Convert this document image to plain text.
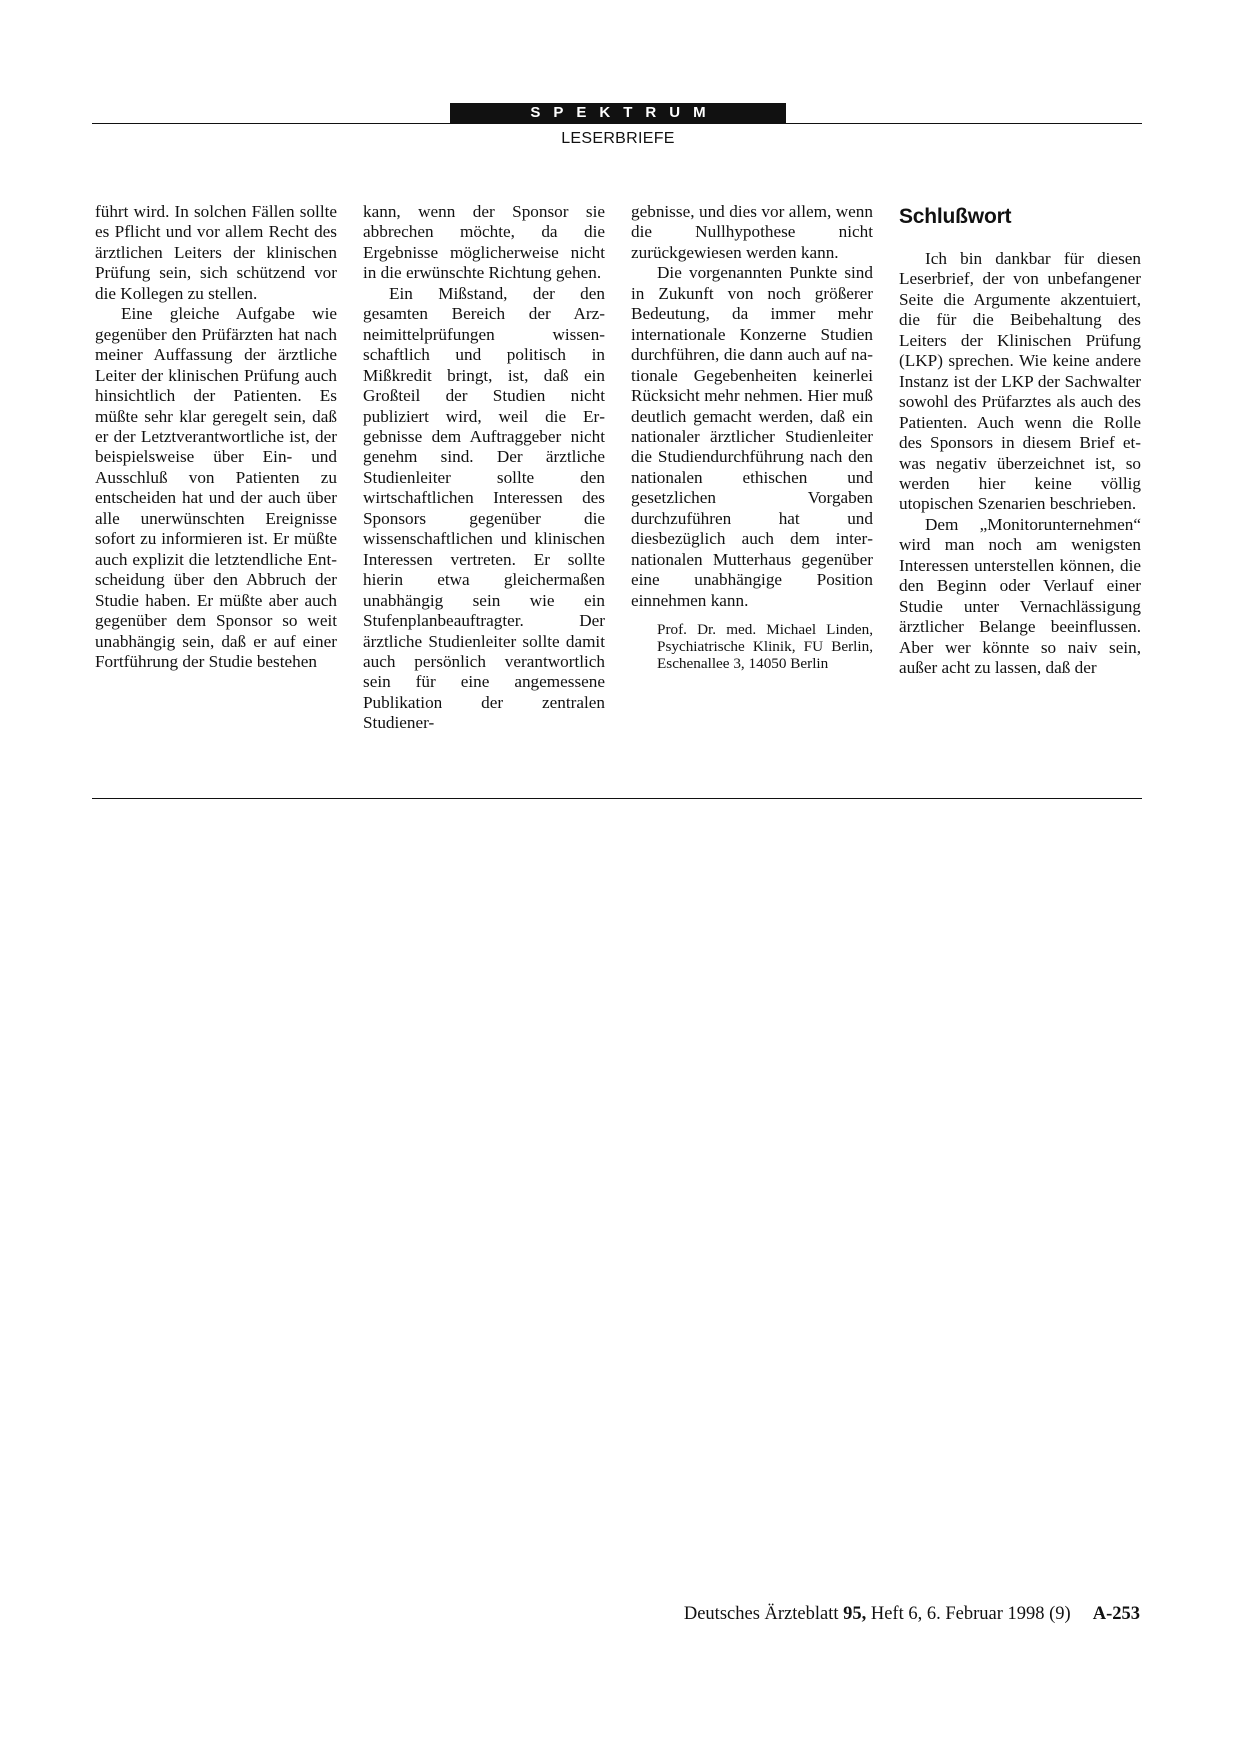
SPEKTRUM
LESERBRIEFE

führt wird. In solchen Fällen sollte es Pflicht und vor allem Recht des ärztlichen Leiters der klinischen Prüfung sein, sich schützend vor die Kollegen zu stellen.

Eine gleiche Aufgabe wie gegenüber den Prüfärzten hat nach meiner Auffassung der ärztliche Leiter der klinischen Prüfung auch hinsichtlich der Patienten. Es müßte sehr klar geregelt sein, daß er der Letztverantwortliche ist, der beispielsweise über Ein- und Ausschluß von Patienten zu entscheiden hat und der auch über alle unerwünschten Ereignisse sofort zu informieren ist. Er müßte auch explizit die letztendliche Entscheidung über den Abbruch der Studie haben. Er müßte aber auch gegenüber dem Sponsor so weit unabhängig sein, daß er auf einer Fortführung der Studie bestehen

kann, wenn der Sponsor sie abbrechen möchte, da die Ergebnisse möglicherweise nicht in die erwünschte Richtung gehen.

Ein Mißstand, der den gesamten Bereich der Arzneimittelprüfungen wissenschaftlich und politisch in Mißkredit bringt, ist, daß ein Großteil der Studien nicht publiziert wird, weil die Ergebnisse dem Auftraggeber nicht genehm sind. Der ärztliche Studienleiter sollte den wirtschaftlichen Interessen des Sponsors gegenüber die wissenschaftlichen und klinischen Interessen vertreten. Er sollte hierin etwa gleichermaßen unabhängig sein wie ein Stufenplanbeauftragter. Der ärztliche Studienleiter sollte damit auch persönlich verantwortlich sein für eine angemessene Publikation der zentralen Studiener-

gebnisse, und dies vor allem, wenn die Nullhypothese nicht zurückgewiesen werden kann.

Die vorgenannten Punkte sind in Zukunft von noch größerer Bedeutung, da immer mehr internationale Konzerne Studien durchführen, die dann auch auf nationale Gegebenheiten keinerlei Rücksicht mehr nehmen. Hier muß deutlich gemacht werden, daß ein nationaler ärztlicher Studienleiter die Studiendurchführung nach den nationalen ethischen und gesetzlichen Vorgaben durchzuführen hat und diesbezüglich auch dem internationalen Mutterhaus gegenüber eine unabhängige Position einnehmen kann.

Prof. Dr. med. Michael Linden, Psychiatrische Klinik, FU Berlin, Eschenallee 3, 14050 Berlin
Schlußwort

Ich bin dankbar für diesen Leserbrief, der von unbefangener Seite die Argumente akzentuiert, die für die Beibehaltung des Leiters der Klinischen Prüfung (LKP) sprechen. Wie keine andere Instanz ist der LKP der Sachwalter sowohl des Prüfarztes als auch des Patienten. Auch wenn die Rolle des Sponsors in diesem Brief etwas negativ überzeichnet ist, so werden hier keine völlig utopischen Szenarien beschrieben.

Dem „Monitorunternehmen“ wird man noch am wenigsten Interessen unterstellen können, die den Beginn oder Verlauf einer Studie unter Vernachlässigung ärztlicher Belange beeinflussen. Aber wer könnte so naiv sein, außer acht zu lassen, daß der

Deutsches Ärzteblatt 95, Heft 6, 6. Februar 1998 (9) A-253
